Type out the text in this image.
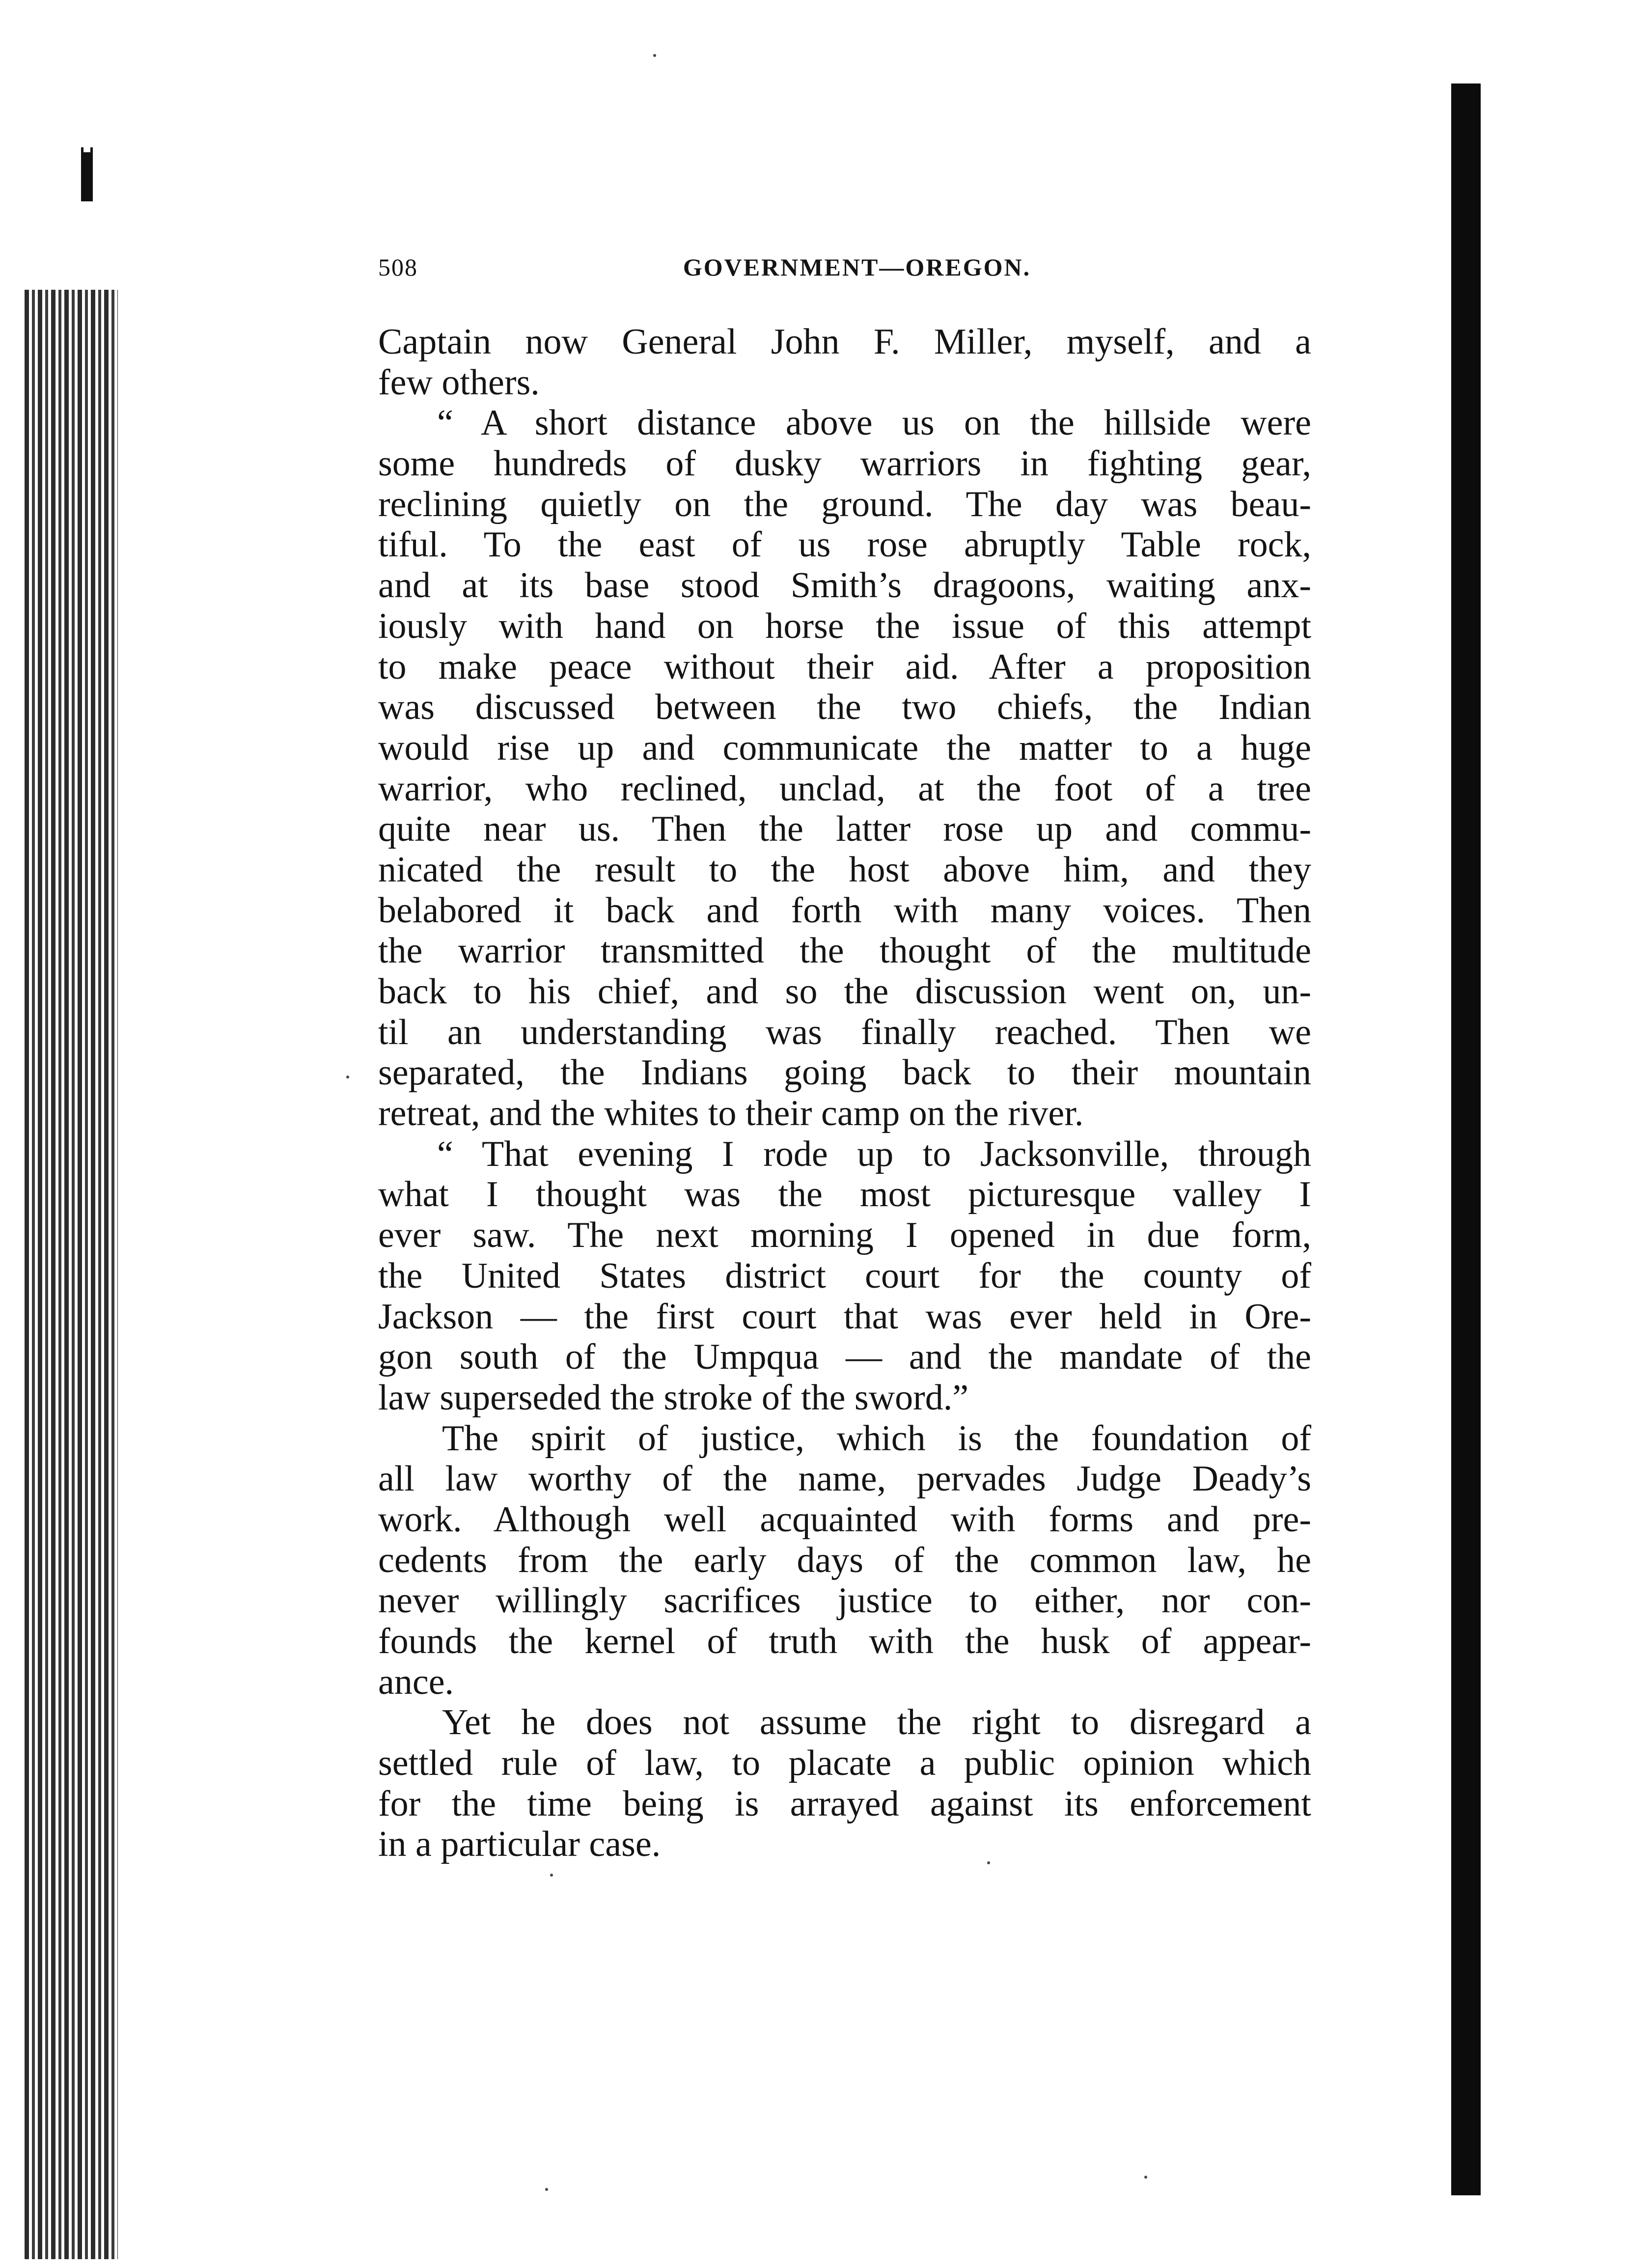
508	GOVERNMENT—OREGON.
Captain now General John F. Miller, myself, and a
few others.
“ A short distance above us on the hillside were
some hundreds of dusky warriors in fighting gear,
reclining quietly on the ground. The day was beau-
tiful. To the east of us rose abruptly Table rock,
and at its base stood Smith’s dragoons, waiting anx-
iously with hand on horse the issue of this attempt
to make peace without their aid. After a proposition
was discussed between the two chiefs, the Indian
would rise up and communicate the matter to a huge
warrior, who reclined, unclad, at the foot of a tree
quite near us. Then the latter rose up and commu-
nicated the result to the host above him, and they
belabored it back and forth with many voices. Then
the warrior transmitted the thought of the multitude
back to his chief, and so the discussion went on, un-
til an understanding was finally reached. Then we
separated, the Indians going back to their mountain
retreat, and the whites to their camp on the river.
“ That evening I rode up to Jacksonville, through
what I thought was the most picturesque valley I
ever saw. The next morning I opened in due form,
the United States district court for the county of
Jackson — the first court that was ever held in Ore-
gon south of the Umpqua — and the mandate of the
law superseded the stroke of the sword.”
The spirit of justice, which is the foundation of
all law worthy of the name, pervades Judge Deady’s
work. Although well acquainted with forms and pre-
cedents from the early days of the common law, he
never willingly sacrifices justice to either, nor con-
founds the kernel of truth with the husk of appear-
ance.
Yet he does not assume the right to disregard a
settled rule of law, to placate a public opinion which
for the time being is arrayed against its enforcement
in a particular case.
